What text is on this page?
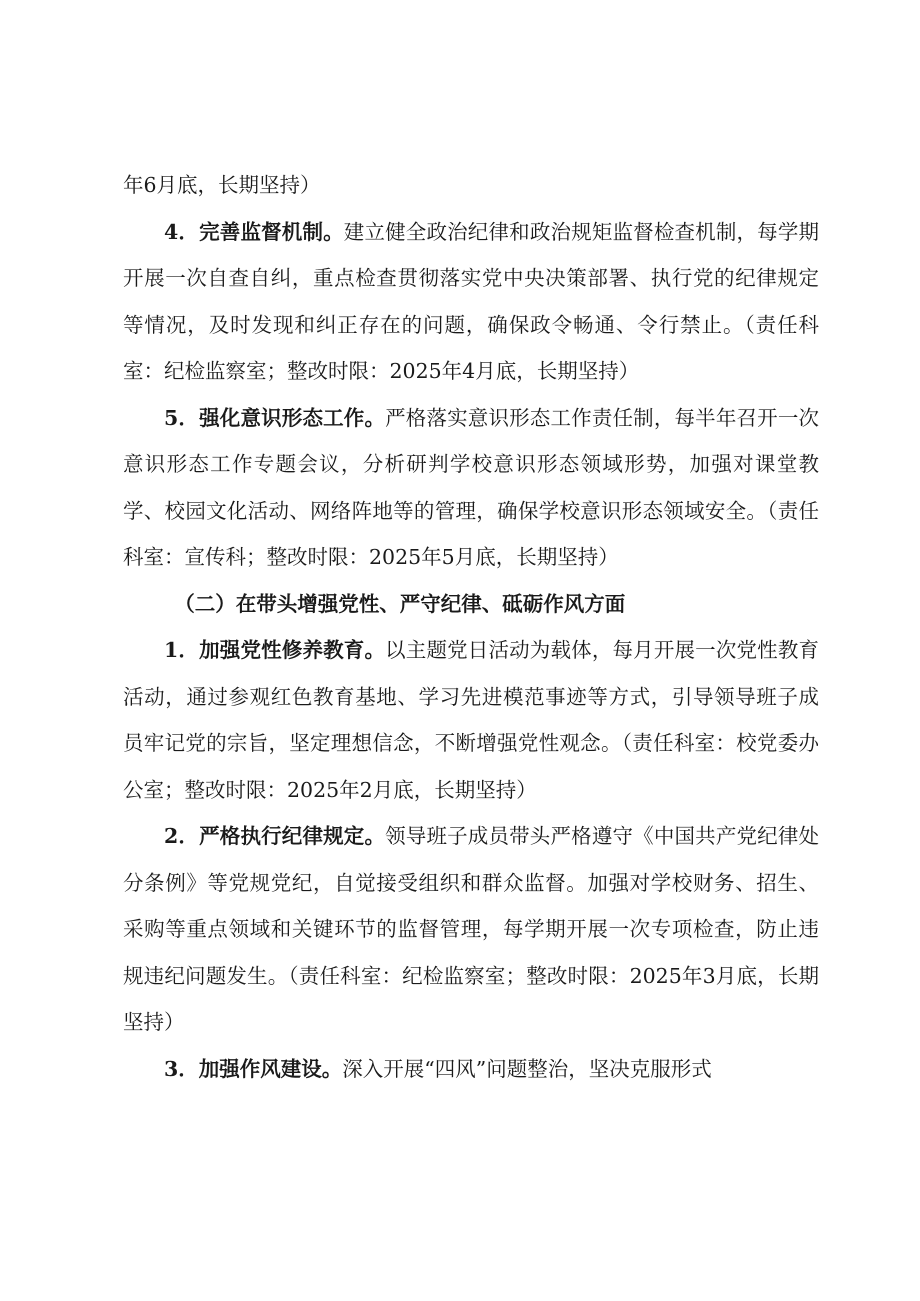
年6月底，长期坚持）

4．完善监督机制。建立健全政治纪律和政治规矩监督检查机制，每学期开展一次自查自纠，重点检查贯彻落实党中央决策部署、执行党的纪律规定等情况，及时发现和纠正存在的问题，确保政令畅通、令行禁止。（责任科室：纪检监察室；整改时限：2025年4月底，长期坚持）

5．强化意识形态工作。严格落实意识形态工作责任制，每半年召开一次意识形态工作专题会议，分析研判学校意识形态领域形势，加强对课堂教学、校园文化活动、网络阵地等的管理，确保学校意识形态领域安全。（责任科室：宣传科；整改时限：2025年5月底，长期坚持）

（二）在带头增强党性、严守纪律、砥砺作风方面

1．加强党性修养教育。以主题党日活动为载体，每月开展一次党性教育活动，通过参观红色教育基地、学习先进模范事迹等方式，引导领导班子成员牢记党的宗旨，坚定理想信念，不断增强党性观念。（责任科室：校党委办公室；整改时限：2025年2月底，长期坚持）

2．严格执行纪律规定。领导班子成员带头严格遵守《中国共产党纪律处分条例》等党规党纪，自觉接受组织和群众监督。加强对学校财务、招生、采购等重点领域和关键环节的监督管理，每学期开展一次专项检查，防止违规违纪问题发生。（责任科室：纪检监察室；整改时限：2025年3月底，长期坚持）

3．加强作风建设。深入开展“四风”问题整治，坚决克服形式
